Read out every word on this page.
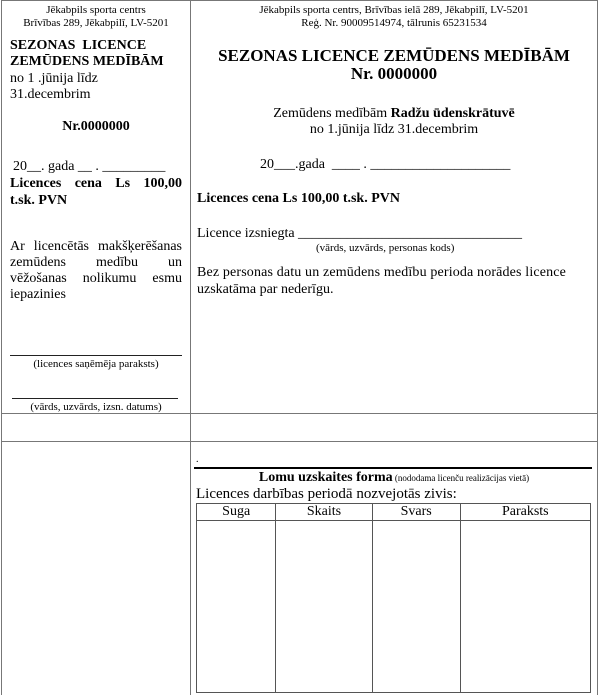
Jēkabpils sporta centrs
Brīvības 289, Jēkabpilī, LV-5201
SEZONAS  LICENCE
ZEMŪDENS MEDĪBĀM
no 1 .jūnija līdz
31.decembrim
Nr.0000000
20__. gada __ . _________
Licences cena Ls 100,00
t.sk. PVN
Ar licencētās makšķerēšanas
zemūdens medību un
vēžošanas nolikumu esmu
iepazinies
(licences saņēmēja paraksts)
(vārds, uzvārds, izsn. datums)
Jēkabpils sporta centrs, Brīvības ielā 289, Jēkabpilī, LV-5201
Reģ. Nr. 90009514974, tālrunis 65231534
SEZONAS LICENCE ZEMŪDENS MEDĪBĀM
Nr. 0000000
Zemūdens medībām Radžu ūdenskrātuvē
no 1.jūnija līdz 31.decembrim
20___.gada  ____ . ____________________
Licences cena Ls 100,00 t.sk. PVN
Licence izsniegta ________________________________
(vārds, uzvārds, personas kods)
Bez personas datu un zemūdens medību perioda norādes licence
uzskatāma par nederīgu.
.
Lomu uzskaites forma (nododama licenču realizācijas vietā)
Licences darbības periodā nozvejotās zivis:
Suga	Skaits	Svars	Paraksts
